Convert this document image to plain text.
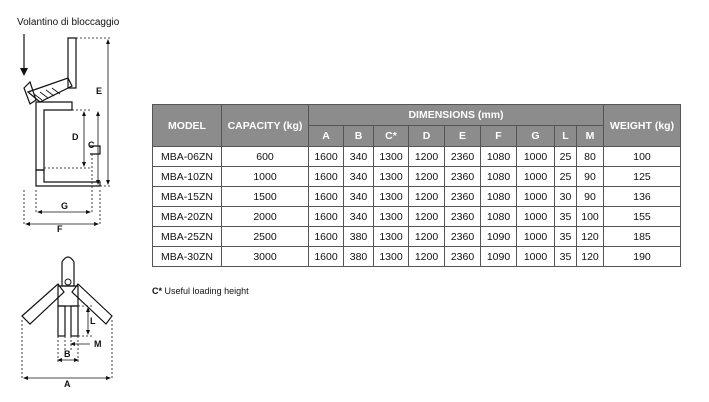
Volantino di bloccaggio
E
D
C
G
F
L
M
B
A
MODEL	CAPACITY (kg)	DIMENSIONS (mm)									WEIGHT (kg)
		A	B	C*	D	E	F	G	L	M	
MBA-06ZN	600	1600	340	1300	1200	2360	1080	1000	25	80	100
MBA-10ZN	1000	1600	340	1300	1200	2360	1080	1000	25	90	125
MBA-15ZN	1500	1600	340	1300	1200	2360	1080	1000	30	90	136
MBA-20ZN	2000	1600	340	1300	1200	2360	1080	1000	35	100	155
MBA-25ZN	2500	1600	380	1300	1200	2360	1090	1000	35	120	185
MBA-30ZN	3000	1600	380	1300	1200	2360	1090	1000	35	120	190
C* Useful loading height
